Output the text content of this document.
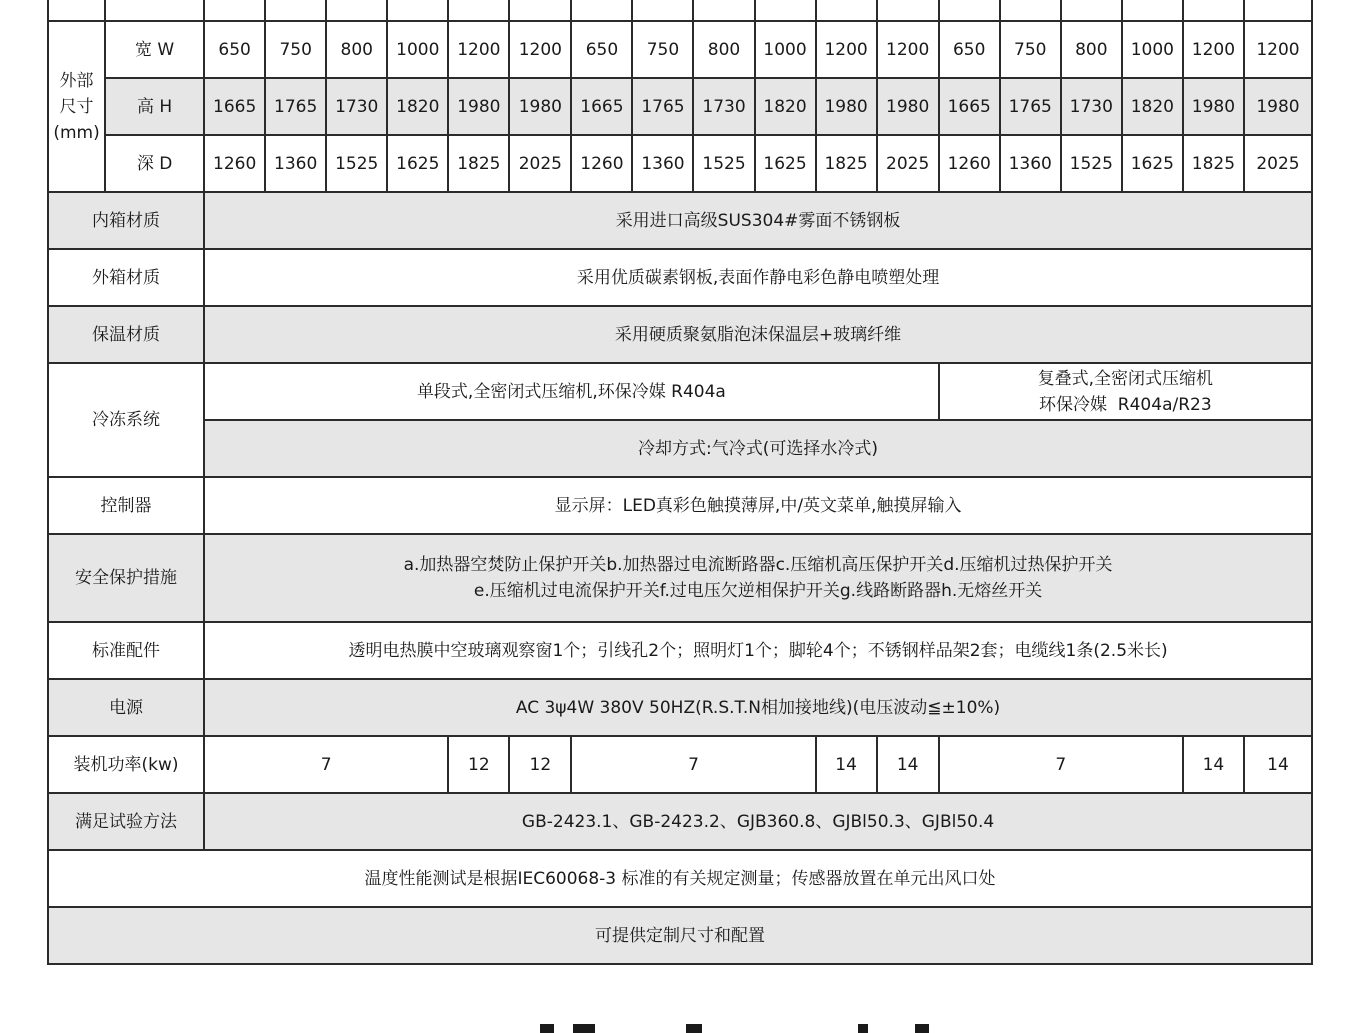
外部
尺寸
(mm)	宽 W	650	750	800	1000	1200	1200	650	750	800	1000	1200	1200	650	750	800	1000	1200	1200
	高 H	1665	1765	1730	1820	1980	1980	1665	1765	1730	1820	1980	1980	1665	1765	1730	1820	1980	1980
	深 D	1260	1360	1525	1625	1825	2025	1260	1360	1525	1625	1825	2025	1260	1360	1525	1625	1825	2025
内箱材质		采用进口高级SUS304#雾面不锈钢板																	
外箱材质		采用优质碳素钢板,表面作静电彩色静电喷塑处理																	
保温材质		采用硬质聚氨脂泡沫保温层+玻璃纤维																	
冷冻系统		单段式,全密闭式压缩机,环保冷媒 R404a												复叠式,全密闭式压缩机
环保冷媒  R404a/R23					

		冷却方式:气冷式(可选择水冷式)																	
控制器		显示屏：LED真彩色触摸薄屏,中/英文菜单,触摸屏输入																	
安全保护措施		a.加热器空焚防止保护开关b.加热器过电流断路器c.压缩机高压保护开关d.压缩机过热保护开关
e.压缩机过电流保护开关f.过电压欠逆相保护开关g.线路断路器h.无熔丝开关																	

标准配件		透明电热膜中空玻璃观察窗1个；引线孔2个；照明灯1个；脚轮4个；不锈钢样品架2套；电缆线1条(2.5米长)																	
电源		AC 3ψ4W 380V 50HZ(R.S.T.N相加接地线)(电压波动≦±10%)																	
装机功率(kw)		7				12	12	7				14	14	7				14	14
满足试验方法		GB-2423.1、GB-2423.2、GJB360.8、GJBl50.3、GJBl50.4																	
温度性能测试是根据IEC60068-3 标准的有关规定测量；传感器放置在单元出风口处																			
可提供定制尺寸和配置																			
